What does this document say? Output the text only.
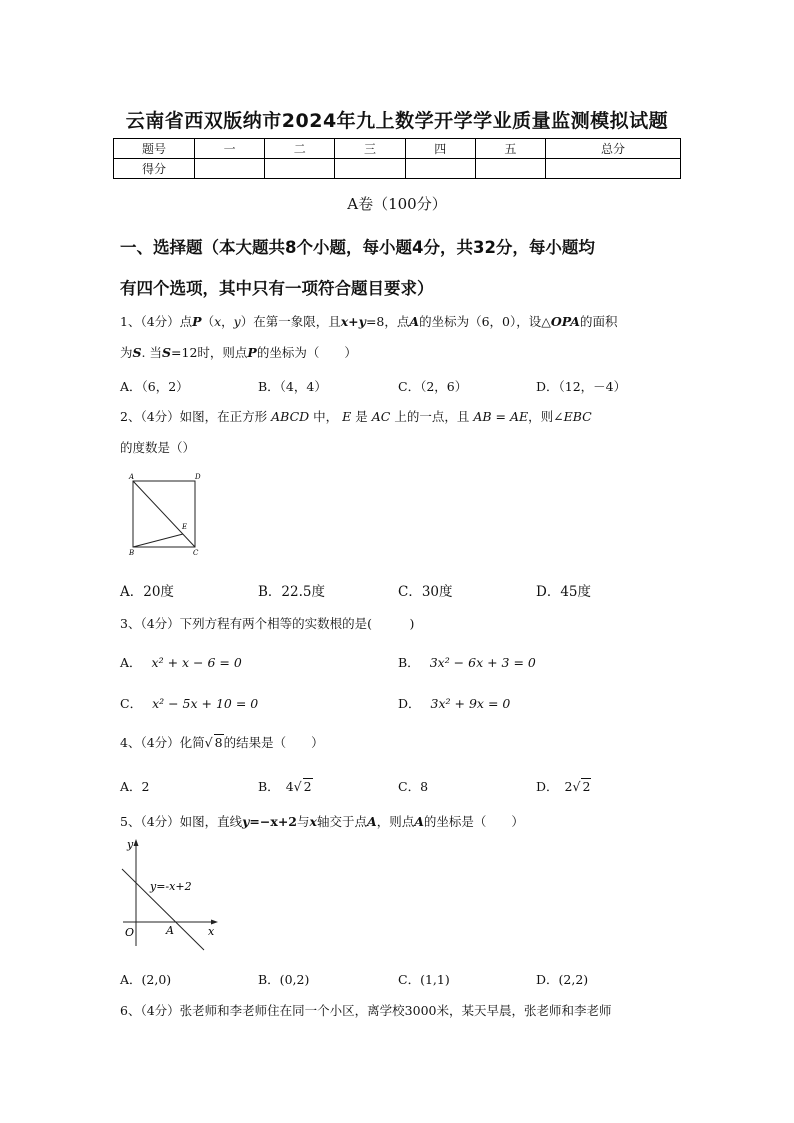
云南省西双版纳市2024年九上数学开学学业质量监测模拟试题
题号	一	二	三	四	五	总分
得分						
A卷（100分）
一、选择题（本大题共8个小题，每小题4分，共32分，每小题均
有四个选项，其中只有一项符合题目要求）
1、（4分）点P（x，y）在第一象限，且x+y=8，点A的坐标为（6，0），设△OPA的面积
为S. 当S=12时，则点P的坐标为（　　）
A．（6，2）	B．（4，4）	C．（2，6）	D．（12，－4）
2、（4分）如图，在正方形 ABCD 中， E 是 AC 上的一点，且 AB = AE，则∠EBC
的度数是（）
A	D
B	C
E
A．20度	B．22.5度	C．30度	D．45度
3、（4分）下列方程有两个相等的实数根的是(　　　)
A． x² + x − 6 = 0	B． 3x² − 6x + 3 = 0
C． x² − 5x + 10 = 0	D． 3x² + 9x = 0
4、（4分）化简√ 8的结果是（　　）
A．2	B． 4√ 2	C．8	D． 2√ 2
5、（4分）如图，直线y=−x+2与x轴交于点A，则点A的坐标是（　　）
y
x
O	A
y=-x+2
A．(2,0)	B．(0,2)	C．(1,1)	D．(2,2)
6、（4分）张老师和李老师住在同一个小区，离学校3000米，某天早晨，张老师和李老师
